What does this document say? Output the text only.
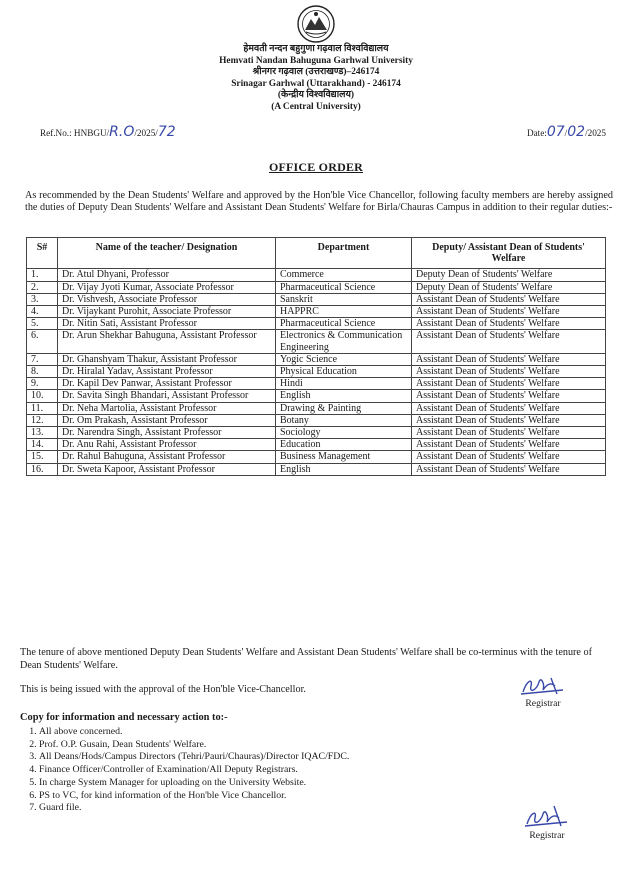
हेमवती नन्दन बहुगुणा गढ़वाल विश्वविद्यालय
Hemvati Nandan Bahuguna Garhwal University
श्रीनगर गढ़वाल (उत्तराखण्ड)–246174
Srinagar Garhwal (Uttarakhand) - 246174
(केन्द्रीय विश्वविद्यालय)
(A Central University)
Ref.No.: HNBGU/R.O/2025/72	Date:07/02/2025
OFFICE ORDER
As recommended by the Dean Students' Welfare and approved by the Hon'ble Vice Chancellor, following faculty members are hereby assigned the duties of Deputy Dean Students' Welfare and Assistant Dean Students' Welfare for Birla/Chauras Campus in addition to their regular duties:-
S#	Name of the teacher/ Designation	Department	Deputy/ Assistant Dean of Students' Welfare
1.	Dr. Atul Dhyani, Professor	Commerce	Deputy Dean of Students' Welfare
2.	Dr. Vijay Jyoti Kumar, Associate Professor	Pharmaceutical Science	Deputy Dean of Students' Welfare
3.	Dr. Vishvesh, Associate Professor	Sanskrit	Assistant Dean of Students' Welfare
4.	Dr. Vijaykant Purohit, Associate Professor	HAPPRC	Assistant Dean of Students' Welfare
5.	Dr. Nitin Sati, Assistant Professor	Pharmaceutical Science	Assistant Dean of Students' Welfare
6.	Dr. Arun Shekhar Bahuguna, Assistant Professor	Electronics & Communication Engineering	Assistant Dean of Students' Welfare
7.	Dr. Ghanshyam Thakur, Assistant Professor	Yogic Science	Assistant Dean of Students' Welfare
8.	Dr. Hiralal Yadav, Assistant Professor	Physical Education	Assistant Dean of Students' Welfare
9.	Dr. Kapil Dev Panwar, Assistant Professor	Hindi	Assistant Dean of Students' Welfare
10.	Dr. Savita Singh Bhandari, Assistant Professor	English	Assistant Dean of Students' Welfare
11.	Dr. Neha Martolia, Assistant Professor	Drawing & Painting	Assistant Dean of Students' Welfare
12.	Dr. Om Prakash, Assistant Professor	Botany	Assistant Dean of Students' Welfare
13.	Dr. Narendra Singh, Assistant Professor	Sociology	Assistant Dean of Students' Welfare
14.	Dr. Anu Rahi, Assistant Professor	Education	Assistant Dean of Students' Welfare
15.	Dr. Rahul Bahuguna, Assistant Professor	Business Management	Assistant Dean of Students' Welfare
16.	Dr. Sweta Kapoor, Assistant Professor	English	Assistant Dean of Students' Welfare
The tenure of above mentioned Deputy Dean Students' Welfare and Assistant Dean Students' Welfare shall be co-terminus with the tenure of Dean Students' Welfare.
This is being issued with the approval of the Hon'ble Vice-Chancellor.
Registrar
Copy for information and necessary action to:-
1. All above concerned.
2. Prof. O.P. Gusain, Dean Students' Welfare.
3. All Deans/Hods/Campus Directors (Tehri/Pauri/Chauras)/Director IQAC/FDC.
4. Finance Officer/Controller of Examination/All Deputy Registrars.
5. In charge System Manager for uploading on the University Website.
6. PS to VC, for kind information of the Hon'ble Vice Chancellor.
7. Guard file.
Registrar
